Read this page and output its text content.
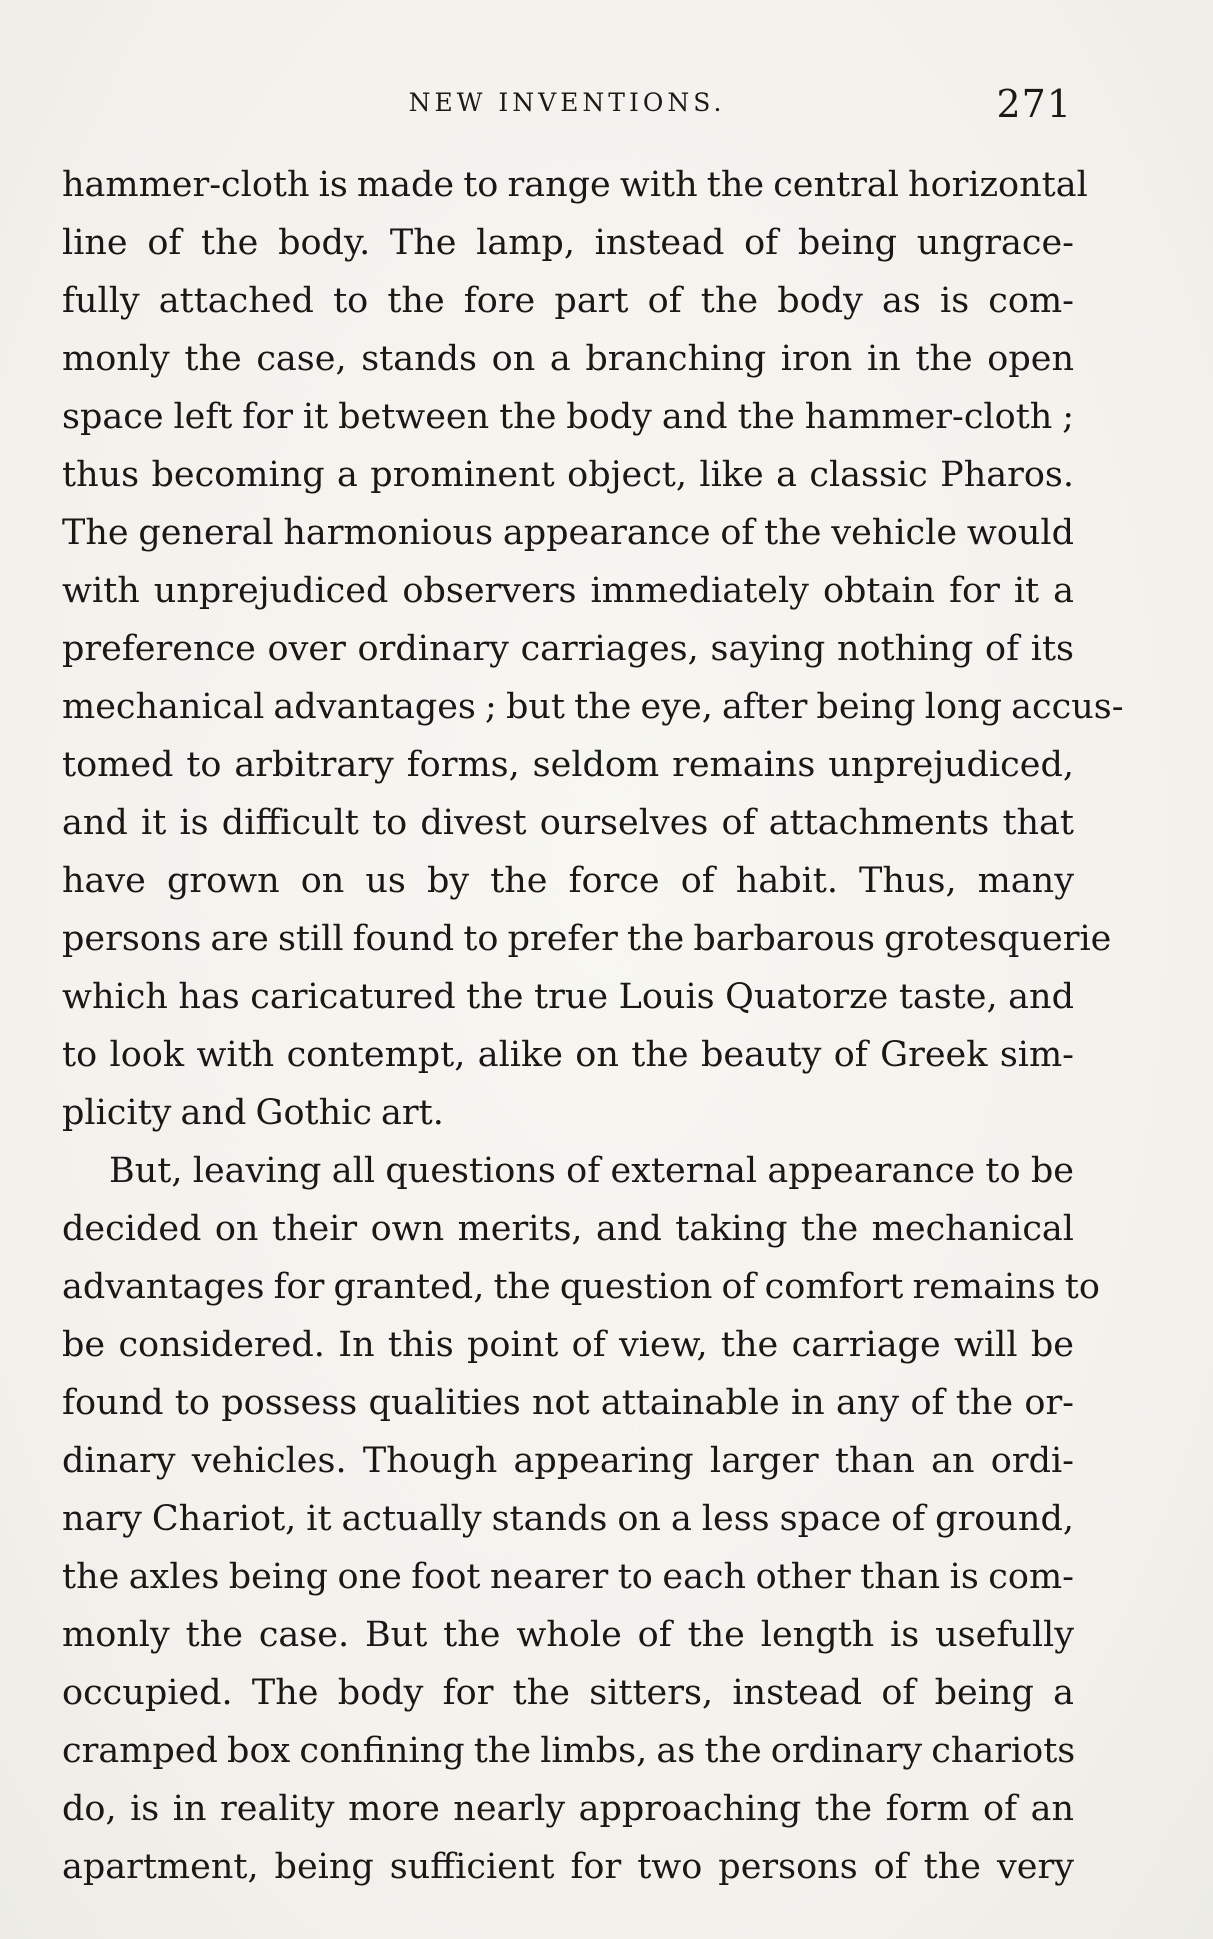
NEW INVENTIONS.	271
hammer-cloth is made to range with the central horizontal
line of the body. The lamp, instead of being ungrace-
fully attached to the fore part of the body as is com-
monly the case, stands on a branching iron in the open
space left for it between the body and the hammer-cloth ;
thus becoming a prominent object, like a classic Pharos.
The general harmonious appearance of the vehicle would
with unprejudiced observers immediately obtain for it a
preference over ordinary carriages, saying nothing of its
mechanical advantages ; but the eye, after being long accus-
tomed to arbitrary forms, seldom remains unprejudiced,
and it is difficult to divest ourselves of attachments that
have grown on us by the force of habit. Thus, many
persons are still found to prefer the barbarous grotesquerie
which has caricatured the true Louis Quatorze taste, and
to look with contempt, alike on the beauty of Greek sim-
plicity and Gothic art.
But, leaving all questions of external appearance to be
decided on their own merits, and taking the mechanical
advantages for granted, the question of comfort remains to
be considered. In this point of view, the carriage will be
found to possess qualities not attainable in any of the or-
dinary vehicles. Though appearing larger than an ordi-
nary Chariot, it actually stands on a less space of ground,
the axles being one foot nearer to each other than is com-
monly the case. But the whole of the length is usefully
occupied. The body for the sitters, instead of being a
cramped box confining the limbs, as the ordinary chariots
do, is in reality more nearly approaching the form of an
apartment, being sufficient for two persons of the very
